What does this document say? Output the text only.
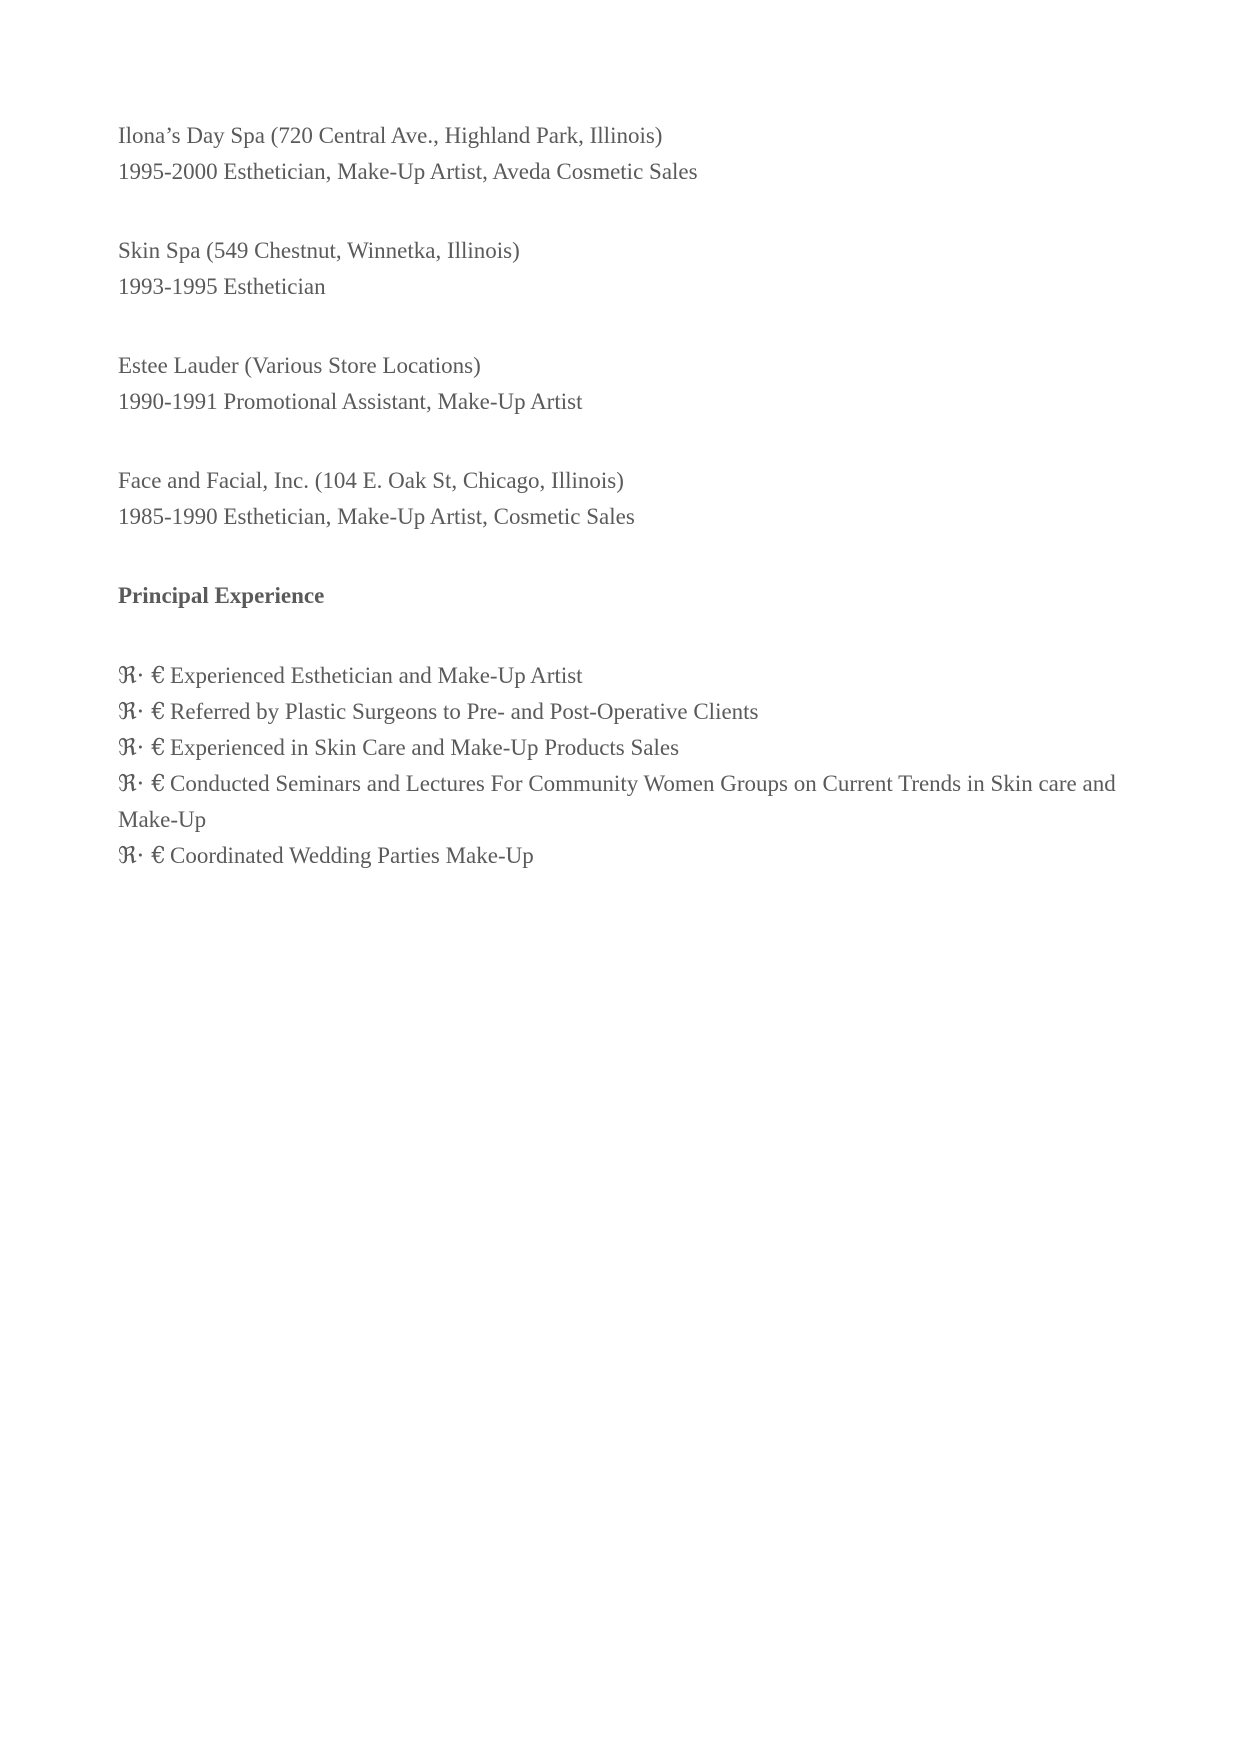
Ilona’s Day Spa (720 Central Ave., Highland Park, Illinois)
1995-2000 Esthetician, Make-Up Artist, Aveda Cosmetic Sales
Skin Spa (549 Chestnut, Winnetka, Illinois)
1993-1995 Esthetician
Estee Lauder (Various Store Locations)
1990-1991 Promotional Assistant, Make-Up Artist
Face and Facial, Inc. (104 E. Oak St, Chicago, Illinois)
1985-1990 Esthetician, Make-Up Artist, Cosmetic Sales
Principal Experience
ℜ· € Experienced Esthetician and Make-Up Artist
ℜ· € Referred by Plastic Surgeons to Pre- and Post-Operative Clients
ℜ· € Experienced in Skin Care and Make-Up Products Sales
ℜ· € Conducted Seminars and Lectures For Community Women Groups on Current Trends in Skin care and Make-Up
ℜ· € Coordinated Wedding Parties Make-Up
